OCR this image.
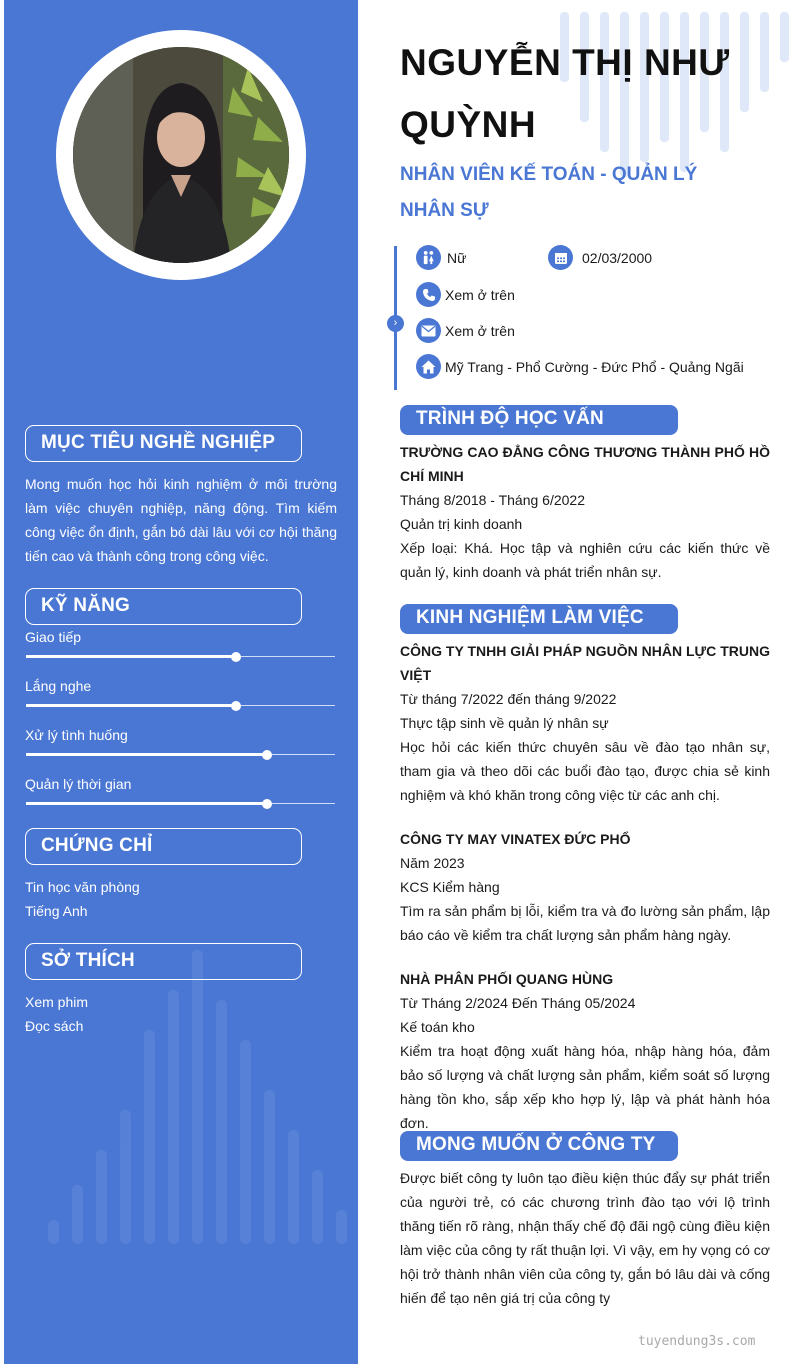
MỤC TIÊU NGHỀ NGHIỆP
Mong muốn học hỏi kinh nghiệm ở môi trường làm việc chuyên nghiệp, năng động. Tìm kiếm công việc ổn định, gắn bó dài lâu với cơ hội thăng tiến cao và thành công trong công việc.
KỸ NĂNG
Giao tiếp
Lắng nghe
Xử lý tình huống
Quản lý thời gian
CHỨNG CHỈ
Tin học văn phòng
Tiếng Anh
SỞ THÍCH
Xem phim
Đọc sách
NGUYỄN THỊ NHƯ QUỲNH
NHÂN VIÊN KẾ TOÁN - QUẢN LÝ NHÂN SỰ
›
Nữ	02/03/2000
Xem ở trên
Xem ở trên
Mỹ Trang - Phổ Cường - Đức Phổ - Quảng Ngãi
TRÌNH ĐỘ HỌC VẤN
TRƯỜNG CAO ĐẲNG CÔNG THƯƠNG THÀNH PHỐ HỒ CHÍ MINH
Tháng 8/2018 - Tháng 6/2022
Quản trị kinh doanh
Xếp loại: Khá. Học tập và nghiên cứu các kiến thức về quản lý, kinh doanh và phát triển nhân sự.
KINH NGHIỆM LÀM VIỆC
CÔNG TY TNHH GIẢI PHÁP NGUỒN NHÂN LỰC TRUNG VIỆT
Từ tháng 7/2022 đến tháng 9/2022
Thực tập sinh về quản lý nhân sự
Học hỏi các kiến thức chuyên sâu về đào tạo nhân sự, tham gia và theo dõi các buổi đào tạo, được chia sẻ kinh nghiệm và khó khăn trong công việc từ các anh chị.
CÔNG TY MAY VINATEX ĐỨC PHỔ
Năm 2023
KCS Kiểm hàng
Tìm ra sản phẩm bị lỗi, kiểm tra và đo lường sản phẩm, lập báo cáo về kiểm tra chất lượng sản phẩm hàng ngày.
NHÀ PHÂN PHỐI QUANG HÙNG
Từ Tháng 2/2024 Đến Tháng 05/2024
Kế toán kho
Kiểm tra hoạt động xuất hàng hóa, nhập hàng hóa, đảm bảo số lượng và chất lượng sản phẩm, kiểm soát số lượng hàng tồn kho, sắp xếp kho hợp lý, lập và phát hành hóa đơn.
MONG MUỐN Ở CÔNG TY
Được biết công ty luôn tạo điều kiện thúc đẩy sự phát triển của người trẻ, có các chương trình đào tạo với lộ trình thăng tiến rõ ràng, nhận thấy chế độ đãi ngộ cùng điều kiện làm việc của công ty rất thuận lợi. Vì vậy, em hy vọng có cơ hội trở thành nhân viên của công ty, gắn bó lâu dài và cống hiến để tạo nên giá trị của công ty
tuyendung3s.com
